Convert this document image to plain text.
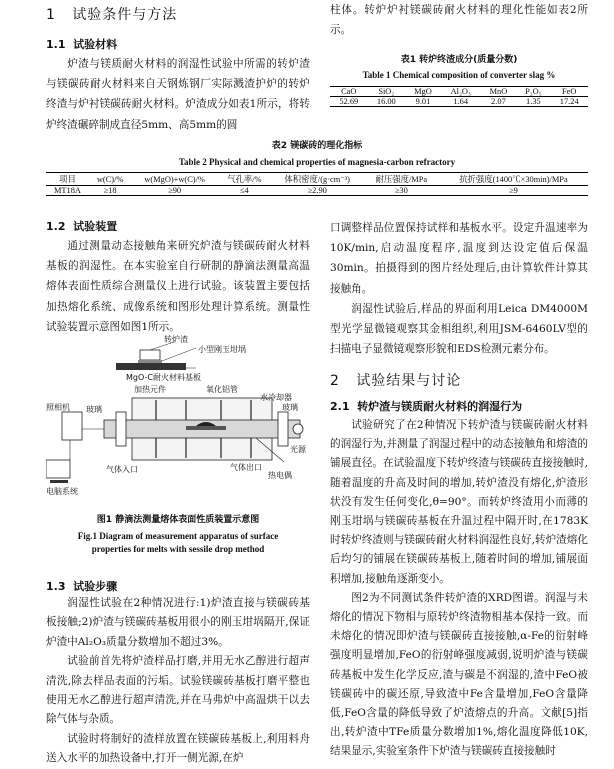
1 试验条件与方法
1.1 试验材料

炉渣与镁质耐火材料的润湿性试验中所需的转炉渣与镁碳砖耐火材料来自天钢炼钢厂实际溅渣护炉的转炉终渣与炉衬镁碳砖耐火材料。炉渣成分如表1所示，将转炉终渣碾碎制成直径5mm、高5mm的圆

柱体。转炉炉衬镁碳砖耐火材料的理化性能如表2所示。

表1 转炉终渣成分(质量分数)
Table 1 Chemical composition of converter slag %
CaO	SiO₂	MgO	Al₂O₃	MnO	P₂O₅	FeO
52.69	16.00	9.01	1.64	2.07	1.35	17.24
表2 镁碳砖的理化指标
Table 2 Physical and chemical properties of magnesia-carbon refractory
项目	w(C)/%	w(MgO)+w(C)/%	气孔率/%	体积密度/(g·cm⁻³)	耐压强度/MPa	抗折强度(1400℃×30min)/MPa
MT18A	≥18	≥90	≤4	≥2.90	≥30	≥9
1.2 试验装置

通过测量动态接触角来研究炉渣与镁碳砖耐火材料基板的润湿性。在本实验室自行研制的静滴法测量高温熔体表面性质综合测量仪上进行试验。该装置主要包括加热熔化系统、成像系统和图形处理计算系统。测量性试验装置示意图如图1所示。

转炉渣
小型刚玉坩埚
MgO-C耐火材料基板
加热元件	氧化铝管
水冷却器
照相机 玻璃	玻璃
光源
气体入口	气体出口
热电偶
电脑系统
图1 静滴法测量熔体表面性质装置示意图
Fig.1 Diagram of measurement apparatus of surface
properties for melts with sessile drop method
1.3 试验步骤

润湿性试验在2种情况进行:1)炉渣直接与镁碳砖基板接触;2)炉渣与镁碳砖基板用很小的刚玉坩埚隔开,保证炉渣中Al₂O₃质量分数增加不超过3%。

试验前首先将炉渣样品打磨,并用无水乙醇进行超声清洗,除去样品表面的污垢。试验镁碳砖基板打磨平整也使用无水乙醇进行超声清洗,并在马弗炉中高温烘干以去除气体与杂质。

试验时将制好的渣样放置在镁碳砖基板上,利用料舟送入水平的加热设备中,打开一侧光源,在炉

口调整样品位置保持试样和基板水平。设定升温速率为10K/min,启动温度程序,温度到达设定值后保温30min。拍摄得到的图片经处理后,由计算软件计算其接触角。

润湿性试验后,样品的界面利用Leica DM4000M型光学显微镜观察其金相组织,利用JSM-6460LV型的扫描电子显微镜观察形貌和EDS检测元素分布。

2 试验结果与讨论
2.1 转炉渣与镁质耐火材料的润湿行为

试验研究了在2种情况下转炉渣与镁碳砖耐火材料的润湿行为,并测量了润湿过程中的动态接触角和熔渣的铺展直径。在试验温度下转炉终渣与镁碳砖直接接触时,随着温度的升高及时间的增加,转炉渣没有熔化,炉渣形状没有发生任何变化,θ=90°。而转炉终渣用小而薄的刚玉坩埚与镁碳砖基板在升温过程中隔开时,在1783K时转炉终渣则与镁碳砖耐火材料润湿性良好,转炉渣熔化后均匀的铺展在镁碳砖基板上,随着时间的增加,铺展面积增加,接触角逐渐变小。

图2为不同测试条件转炉渣的XRD图谱。润湿与未熔化的情况下物相与原转炉终渣物相基本保持一致。而未熔化的情况即炉渣与镁碳砖直接接触,α-Fe的衍射峰强度明显增加,FeO的衍射峰强度减弱,说明炉渣与镁碳砖基板中发生化学反应,渣与碳是不润湿的,渣中FeO被镁碳砖中的碳还原,导致渣中Fe含量增加,FeO含量降低,FeO含量的降低导致了炉渣熔点的升高。文献[5]指出,转炉渣中TFe质量分数增加1%,熔化温度降低10K,结果显示,实验室条件下炉渣与镁碳砖直接接触时
